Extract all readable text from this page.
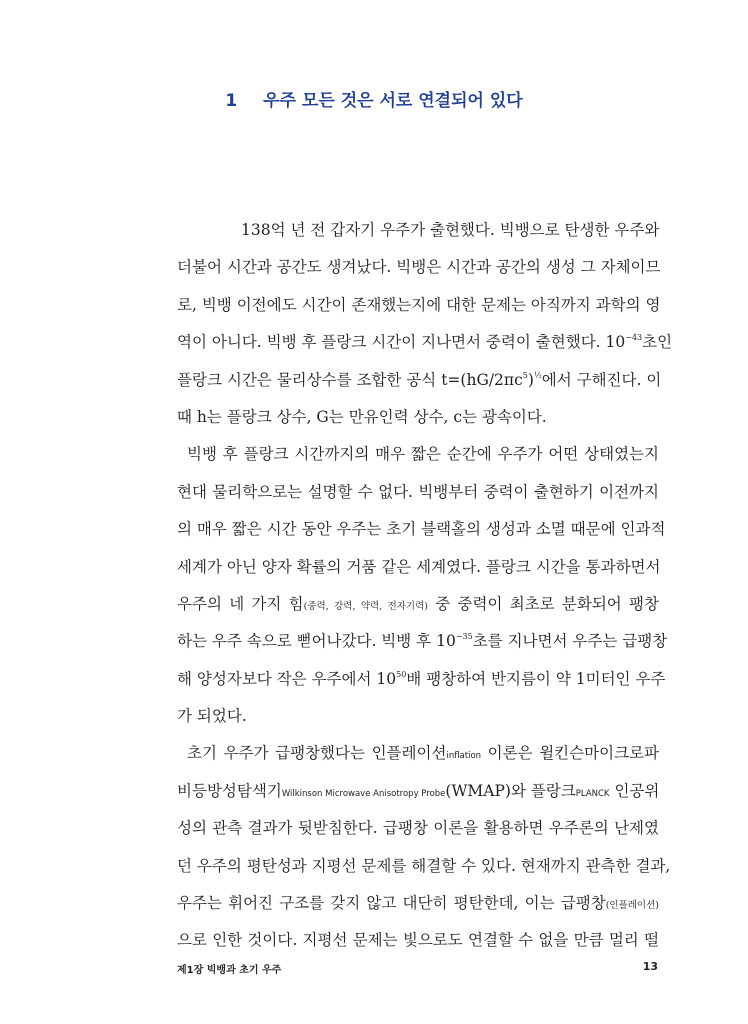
1 우주 모든 것은 서로 연결되어 있다
138억 년 전 갑자기 우주가 출현했다. 빅뱅으로 탄생한 우주와
더불어 시간과 공간도 생겨났다. 빅뱅은 시간과 공간의 생성 그 자체이므
로, 빅뱅 이전에도 시간이 존재했는지에 대한 문제는 아직까지 과학의 영
역이 아니다. 빅뱅 후 플랑크 시간이 지나면서 중력이 출현했다. $10^{-43}$초인
플랑크 시간은 물리상수를 조합한 공식 $t=(hG/2\pi c^5)^{\frac{1}{2}}$에서 구해진다. 이
때 h는 플랑크 상수, G는 만유인력 상수, c는 광속이다.
빅뱅 후 플랑크 시간까지의 매우 짧은 순간에 우주가 어떤 상태였는지
현대 물리학으로는 설명할 수 없다. 빅뱅부터 중력이 출현하기 이전까지
의 매우 짧은 시간 동안 우주는 초기 블랙홀의 생성과 소멸 때문에 인과적
세계가 아닌 양자 확률의 거품 같은 세계였다. 플랑크 시간을 통과하면서
우주의 네 가지 힘(중력, 강력, 약력, 전자기력) 중 중력이 최초로 분화되어 팽창
하는 우주 속으로 뻗어나갔다. 빅뱅 후 $10^{-35}$초를 지나면서 우주는 급팽창
해 양성자보다 작은 우주에서 $10^{50}$배 팽창하여 반지름이 약 1미터인 우주
가 되었다.
초기 우주가 급팽창했다는 인플레이션inflation 이론은 윌킨슨마이크로파
비등방성탐색기Wilkinson Microwave Anisotropy Probe(WMAP)와 플랑크PLANCK 인공위
성의 관측 결과가 뒷받침한다. 급팽창 이론을 활용하면 우주론의 난제였
던 우주의 평탄성과 지평선 문제를 해결할 수 있다. 현재까지 관측한 결과,
우주는 휘어진 구조를 갖지 않고 대단히 평탄한데, 이는 급팽창(인플레이션)
으로 인한 것이다. 지평선 문제는 빛으로도 연결할 수 없을 만큼 멀리 떨
제1장 빅뱅과 초기 우주	13
